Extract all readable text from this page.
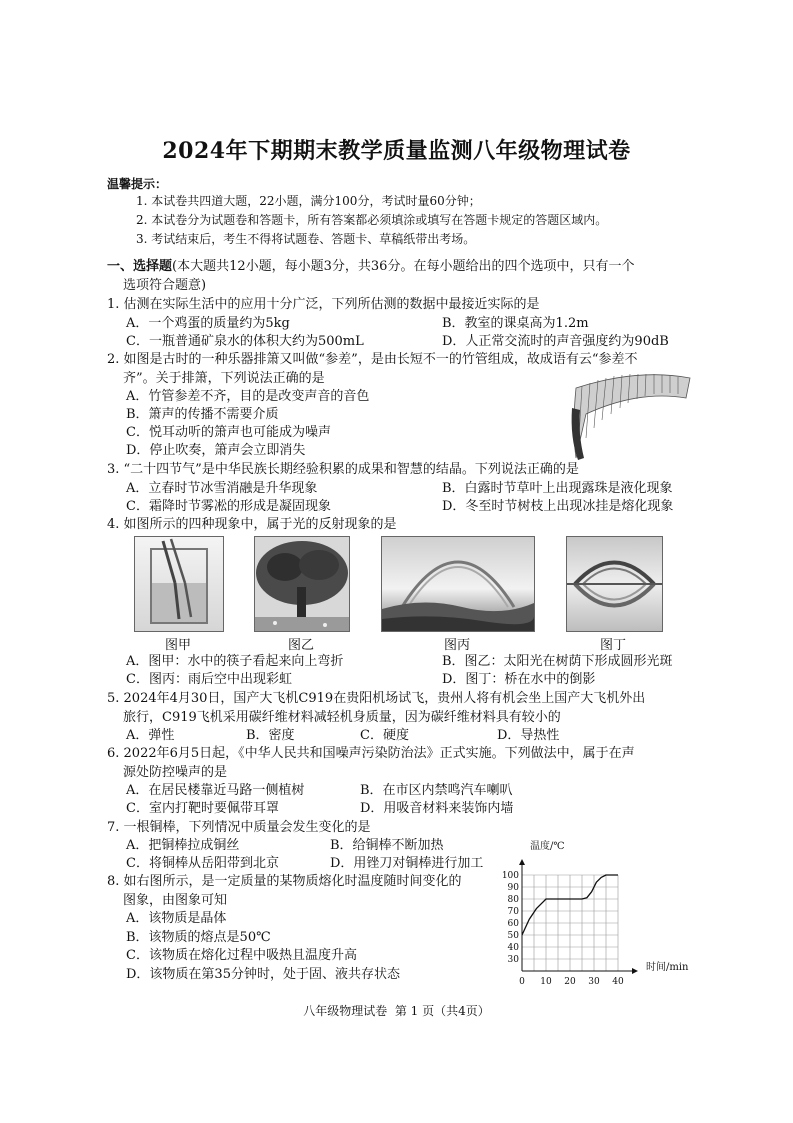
2024年下期期末教学质量监测八年级物理试卷
温馨提示：
1. 本试卷共四道大题，22小题，满分100分，考试时量60分钟；
2. 本试卷分为试题卷和答题卡，所有答案都必须填涂或填写在答题卡规定的答题区域内。
3. 考试结束后，考生不得将试题卷、答题卡、草稿纸带出考场。
一、选择题(本大题共12小题，每小题3分，共36分。在每小题给出的四个选项中，只有一个
选项符合题意)
1. 估测在实际生活中的应用十分广泛，下列所估测的数据中最接近实际的是
A．一个鸡蛋的质量约为5kg	B．教室的课桌高为1.2m
C．一瓶普通矿泉水的体积大约为500mL	D．人正常交流时的声音强度约为90dB
2. 如图是古时的一种乐器排箫又叫做“参差”，是由长短不一的竹管组成，故成语有云“参差不
齐”。关于排箫，下列说法正确的是
A．竹管参差不齐，目的是改变声音的音色
B．箫声的传播不需要介质
C．悦耳动听的箫声也可能成为噪声
D．停止吹奏，箫声会立即消失
3. “二十四节气”是中华民族长期经验积累的成果和智慧的结晶。下列说法正确的是
A．立春时节冰雪消融是升华现象	B．白露时节草叶上出现露珠是液化现象
C．霜降时节雾凇的形成是凝固现象	D．冬至时节树枝上出现冰挂是熔化现象
4. 如图所示的四种现象中，属于光的反射现象的是
图甲	图乙	图丙	图丁
A．图甲：水中的筷子看起来向上弯折	B．图乙：太阳光在树荫下形成圆形光斑
C．图丙：雨后空中出现彩虹	D．图丁：桥在水中的倒影
5. 2024年4月30日，国产大飞机C919在贵阳机场试飞，贵州人将有机会坐上国产大飞机外出
旅行，C919飞机采用碳纤维材料减轻机身质量，因为碳纤维材料具有较小的
A．弹性	B．密度	C．硬度	D．导热性
6. 2022年6月5日起，《中华人民共和国噪声污染防治法》正式实施。下列做法中，属于在声
源处防控噪声的是
A．在居民楼靠近马路一侧植树	B．在市区内禁鸣汽车喇叭
C．室内打靶时要佩带耳罩	D．用吸音材料来装饰内墙
7. 一根铜棒，下列情况中质量会发生变化的是
A．把铜棒拉成铜丝	B．给铜棒不断加热
C．将铜棒从岳阳带到北京	D．用锉刀对铜棒进行加工
8. 如右图所示，是一定质量的某物质熔化时温度随时间变化的
图象，由图象可知
A．该物质是晶体
B．该物质的熔点是50℃
C．该物质在熔化过程中吸热且温度升高
D．该物质在第35分钟时，处于固、液共存状态	0 10 20 30 40
30
40
50
60
70
80
90
100
温度/℃
时间/min
八年级物理试卷  第 1 页（共4页）
